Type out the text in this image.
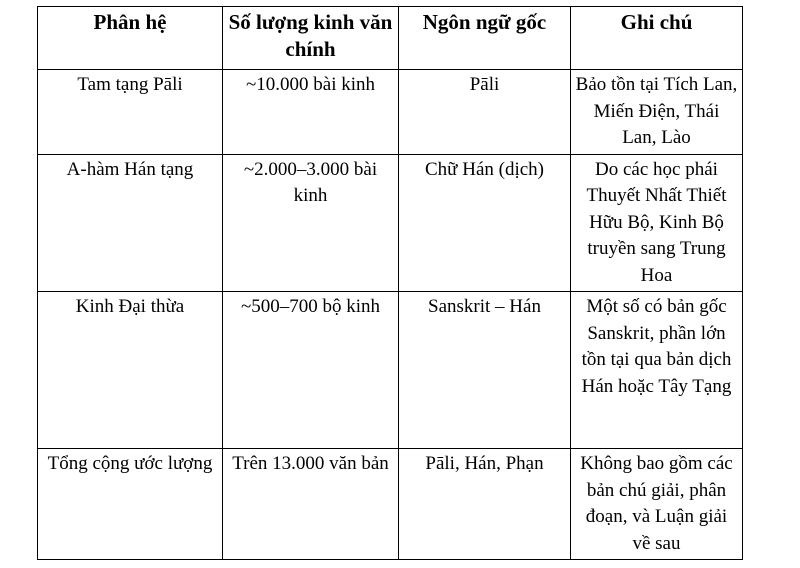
Phân hệ	Số lượng kinh văn chính	Ngôn ngữ gốc	Ghi chú
Tam tạng Pāli	~10.000 bài kinh	Pāli	Bảo tồn tại Tích Lan, Miến Điện, Thái Lan, Lào
A-hàm Hán tạng	~2.000–3.000 bài kinh	Chữ Hán (dịch)	Do các học phái Thuyết Nhất Thiết Hữu Bộ, Kinh Bộ truyền sang Trung Hoa
Kinh Đại thừa	~500–700 bộ kinh	Sanskrit – Hán	Một số có bản gốc Sanskrit, phần lớn tồn tại qua bản dịch Hán hoặc Tây Tạng
Tổng cộng ước lượng	Trên 13.000 văn bản	Pāli, Hán, Phạn	Không bao gồm các bản chú giải, phân đoạn, và Luận giải về sau
